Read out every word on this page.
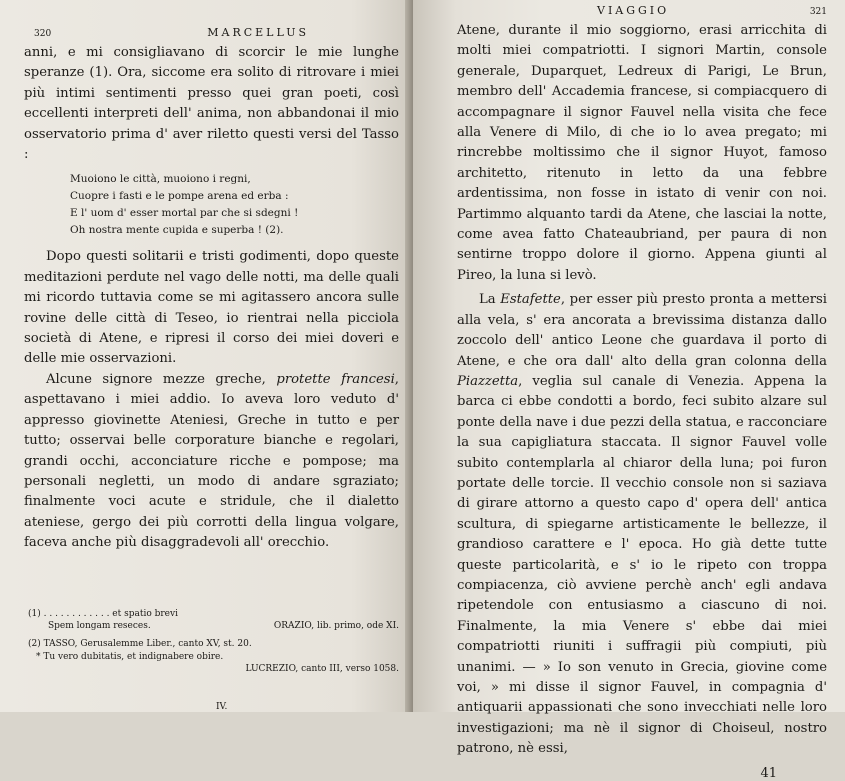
320	MARCELLUS

anni, e mi consigliavano di scorcir le mie lunghe speranze (1). Ora, siccome era solito di ritrovare i miei più intimi sentimenti presso quei gran poeti, così eccellenti interpreti dell' anima, non abbandonai il mio osservatorio prima d' aver riletto questi versi del Tasso :

Muoiono le città, muoiono i regni,
Cuopre i fasti e le pompe arena ed erba :
E l' uom d' esser mortal par che si sdegni !
Oh nostra mente cupida e superba ! (2).

Dopo questi solitarii e tristi godimenti, dopo queste meditazioni perdute nel vago delle notti, ma delle quali mi ricordo tuttavia come se mi agitassero ancora sulle rovine delle città di Teseo, io rientrai nella picciola società di Atene, e ripresi il corso dei miei doveri e delle mie osservazioni.

Alcune signore mezze greche, protette francesi, aspettavano i miei addio. Io aveva loro veduto d' appresso giovinette Ateniesi, Greche in tutto e per tutto; osservai belle corporature bianche e regolari, grandi occhi, acconciature ricche e pompose; ma personali negletti, un modo di andare sgraziato; finalmente voci acute e stridule, che il dialetto ateniese, gergo dei più corrotti della lingua volgare, faceva anche più disaggradevoli all' orecchio.

(1) . . . . . . . . . . . . et spatio brevi
Spem longam reseces.	ORAZIO, lib. primo, ode XI.
(2) TASSO, Gerusalemme Liber., canto XV, st. 20.
* Tu vero dubitatis, et indignabere obire.
LUCREZIO, canto III, verso 1058.
IV.
VIAGGIO	321

Atene, durante il mio soggiorno, erasi arricchita di molti miei compatriotti. I signori Martin, console generale, Duparquet, Ledreux di Parigi, Le Brun, membro dell' Accademia francese, si compiacquero di accompagnare il signor Fauvel nella visita che fece alla Venere di Milo, di che io lo avea pregato; mi rincrebbe moltissimo che il signor Huyot, famoso architetto, ritenuto in letto da una febbre ardentissima, non fosse in istato di venir con noi. Partimmo alquanto tardi da Atene, che lasciai la notte, come avea fatto Chateaubriand, per paura di non sentirne troppo dolore il giorno. Appena giunti al Pireo, la luna si levò.

La Estafette, per esser più presto pronta a mettersi alla vela, s' era ancorata a brevissima distanza dallo zoccolo dell' antico Leone che guardava il porto di Atene, e che ora dall' alto della gran colonna della Piazzetta, veglia sul canale di Venezia. Appena la barca ci ebbe condotti a bordo, feci subito alzare sul ponte della nave i due pezzi della statua, e racconciare la sua capigliatura staccata. Il signor Fauvel volle subito contemplarla al chiaror della luna; poi furon portate delle torcie. Il vecchio console non si saziava di girare attorno a questo capo d' opera dell' antica scultura, di spiegarne artisticamente le bellezze, il grandioso carattere e l' epoca. Ho già dette tutte queste particolarità, e s' io le ripeto con troppa compiacenza, ciò avviene perchè anch' egli andava ripetendole con entusiasmo a ciascuno di noi. Finalmente, la mia Venere s' ebbe dai miei compatriotti riuniti i suffragii più compiuti, più unanimi. — » Io son venuto in Grecia, giovine come voi, » mi disse il signor Fauvel, in compagnia d' antiquarii appassionati che sono invecchiati nelle loro investigazioni; ma nè il signor di Choiseul, nostro patrono, nè essi,

41
